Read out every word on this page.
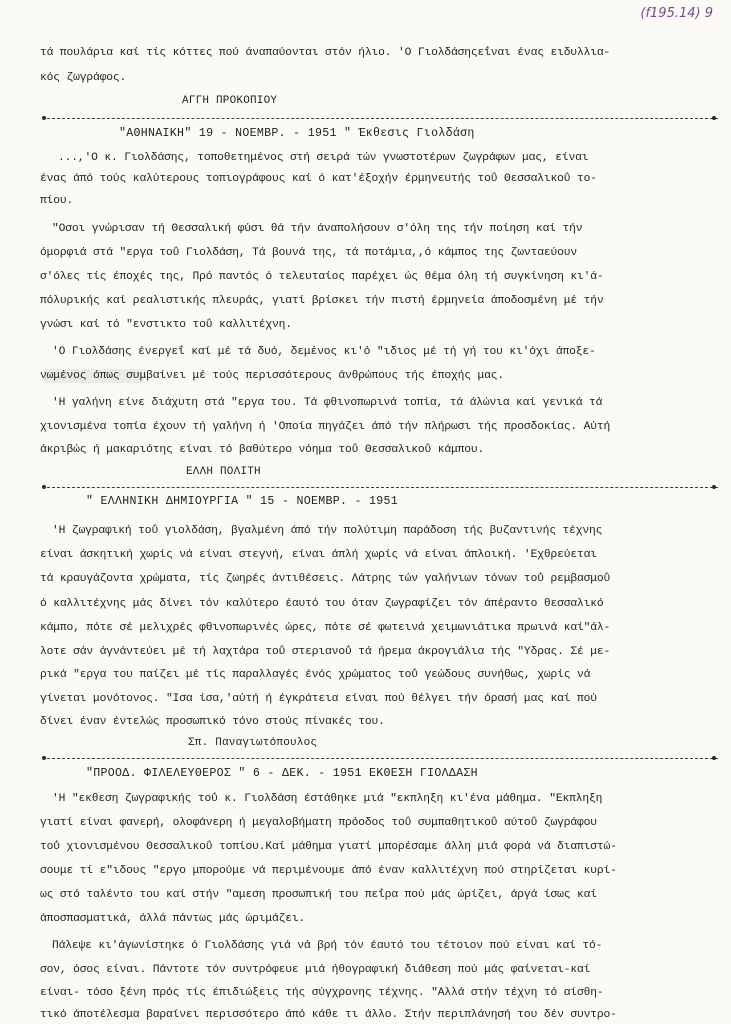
(f195.14) 9
τά πουλάρια καί τίς κόττες πού άναπαύονται στόν ήλιο. 'Ο Γιολδάσηςεΐναι ένας ειδυλλια-
κός ζωγράφος.
ΑΓΓΗ ΠΡΟΚΟΠΙΟΥ
"ΑΘΗΝΑΙΚΗ" 19 - ΝΟΕΜΒΡ. - 1951 " Έκθεσις Γιολδάση
...,'Ο κ. Γιολδάσης, τοποθετημένος στή σειρά τών γνωστοτέρων ζωγράφων μας, είναι
ένας άπό τούς καλύτερους τοπιογράφους καί ό κατ'έξοχήν έρμηνευτής τοΰ Θεσσαλικοΰ το-
πίου.
"Οσοι γνώρισαν τή Θεσσαλική φύσι θά τήν άναπολήσουν σ'όλη της τήν ποίηση καί τήν
όμορφιά στά "εργα τοΰ Γιολδάση, Τά βουνά της, τά ποτάμια,,ό κάμπος της ζωνταεύουν
σ'όλες τίς έποχές της, Πρό παντός ό τελευταίος παρέχει ώς θέμα όλη τή συγκίνηση κι'ά-
πόλυρικής καί ρεαλιστικής πλευράς, γιατί βρίσκει τήν πιστή έρμηνεία άποδοσμένη μέ τήν
γνώσι καί τό "ενστικτο τοΰ καλλιτέχνη.
'Ο Γιολδάσης ένεργεΐ καί μέ τά δυό, δεμένος κι'ό "ιδιος μέ τή γή του κι'όχι άποξε-
νωμένος όπως συμβαίνει μέ τούς περισσότερους άνθρώπους τής έποχής μας.
'Η γαλήνη είνε διάχυτη στά "εργα του. Τά φθινοπωρινά τοπία, τά άλώνια καί γενικά τά
χιονισμένα τοπία έχουν τή γαλήνη ή 'Οποία πηγάζει άπό τήν πλήρωσι τής προσδοκίας. Αύτή
άκριβώς ή μακαριότης είναι τό βαθύτερο νόημα τοΰ Θεσσαλικοΰ κάμπου.
ΕΛΛΗ ΠΟΛΙΤΗ
" ΕΛΛΗΝΙΚΗ ΔΗΜΙΟΥΡΓΙΑ " 15 - ΝΟΕΜΒΡ. - 1951
'Η ζωγραφική τοΰ γιολδάση, βγαλμένη άπό τήν πολύτιμη παράδοση τής βυζαντινής τέχνης
είναι άσκητική χωρίς νά είναι στεγνή, είναι άπλή χωρίς νά είναι άπλοική. 'Εχθρεύεται
τά κραυγάζοντα χρώματα, τίς ζωηρές άντιθέσεις. Λάτρης τών γαλήνιων τόνων τοΰ ρεμβασμοΰ
ό καλλιτέχνης μάς δίνει τόν καλύτερο έαυτό του όταν ζωγραφίζει τόν άπέραντο θεσσαλικό
κάμπο, πότε σέ μελιχρές φθινοπωρινές ώρες, πότε σέ φωτεινά χειμωνιάτικα πρωινά καί"άλ-
λοτε σάν άγνάντεύει μέ τή λαχτάρα τοΰ στεριανοΰ τά ήρεμα άκρογιάλια τής "Υδρας. Σέ με-
ρικά "εργα του παίζει μέ τίς παραλλαγές ένός χρώματος τοΰ γεώδους συνήθως, χωρίς νά
γίνεται μονότονος. "Ισα ίσα,'αύτή ή έγκράτεια είναι πού θέλγει τήν όρασή μας καί πού
δίνει έναν έντελώς προσωπικό τόνο στούς πίνακές του.
Σπ. Παναγιωτόπουλος
"ΠΡΟΟΔ. ΦΙΛΕΛΕΥΘΕΡΟΣ " 6 - ΔΕΚ. - 1951 ΕΚΘΕΣΗ ΓΙΟΛΔΑΣΗ
'Η "εκθεση ζωγραφικής τοΰ κ. Γιολδάση έστάθηκε μιά "εκπληξη κι'ένα μάθημα. "Εκπληξη
γιατί είναι φανερή, ολοφάνερη ή μεγαλοβήματη πρόοδος τοΰ συμπαθητικοΰ αύτοΰ ζωγράφου
τοΰ χιονισμένου Θεσσαλικοΰ τοπίου.Καί μάθημα γιατί μπορέσαμε άλλη μιά φορά νά διαπιστώ-
σουμε τί ε"ιδους "εργο μπορούμε νά περιμένουμε άπό έναν καλλιτέχνη πού στηρίζεται κυρί-
ως στό ταλέντο του καί στήν "αμεση προσωπική του πεΐρα πού μάς ώρίζει, άργά ίσως καί
άποσπασματικά, άλλά πάντως μάς ώριμάζει.
Πάλεψε κι'άγωνίστηκε ό Γιολδάσης γιά νά βρή τόν έαυτό του τέτοιον πού είναι καί τό-
σον, όσος είναι. Πάντοτε τόν συντρόφευε μιά ήθογραφική διάθεση πού μάς φαίνεται-καί
είναι- τόσο ξένη πρός τίς έπιδιώξεις τής σύγχρονης τέχνης. "Αλλά στήν τέχνη τό αίσθη-
τικό άποτέλεσμα βαραίνει περισσότερο άπό κάθε τι άλλο. Στήν περιπλάνησή του δέν συντρο-
